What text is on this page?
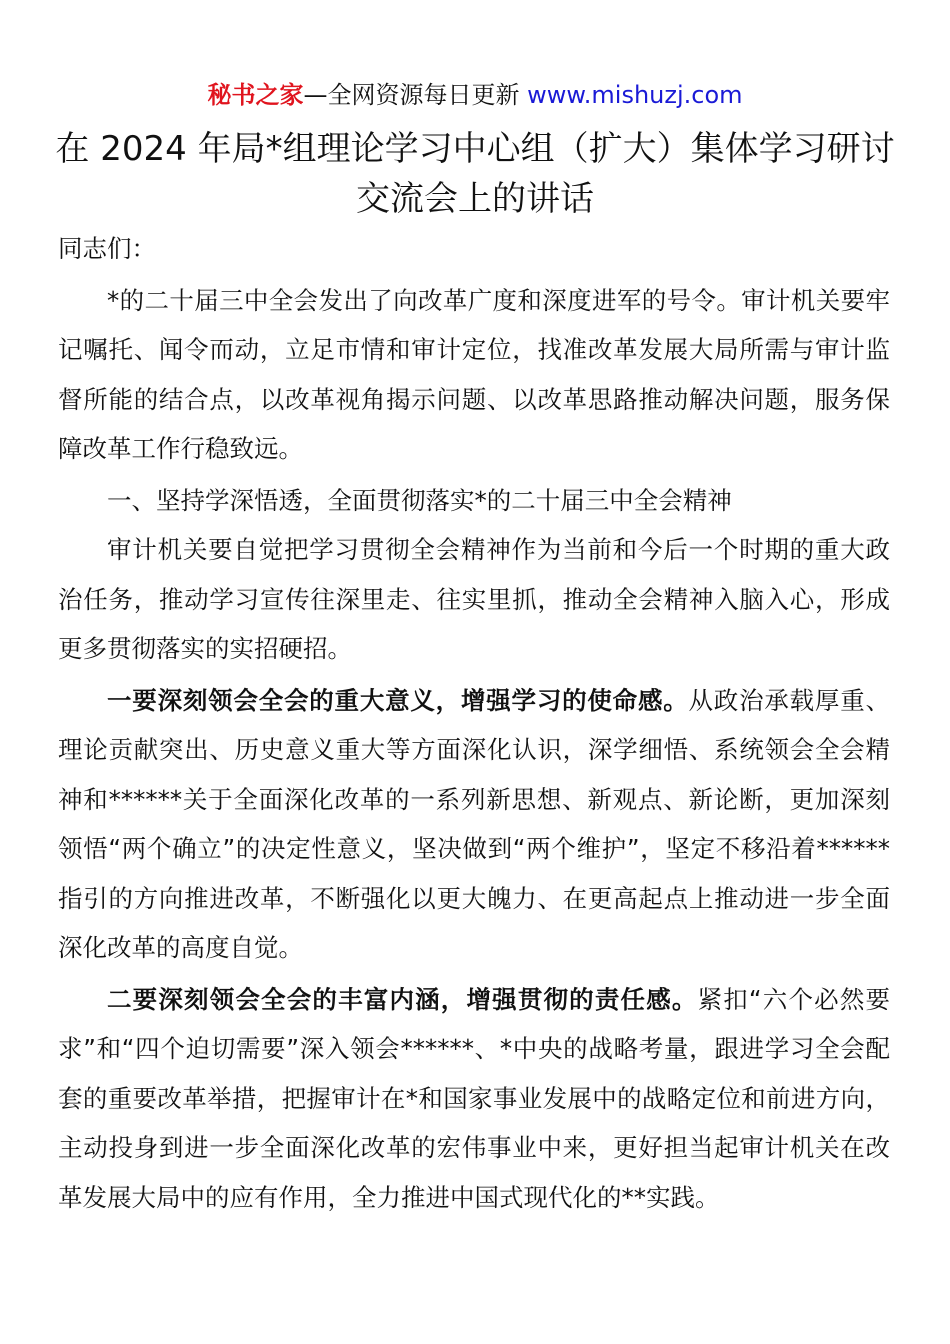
秘书之家—全网资源每日更新 www.mishuzj.com
在 2024 年局*组理论学习中心组（扩大）集体学习研讨交流会上的讲话

同志们：

*的二十届三中全会发出了向改革广度和深度进军的号令。审计机关要牢记嘱托、闻令而动，立足市情和审计定位，找准改革发展大局所需与审计监督所能的结合点，以改革视角揭示问题、以改革思路推动解决问题，服务保障改革工作行稳致远。

一、坚持学深悟透，全面贯彻落实*的二十届三中全会精神

审计机关要自觉把学习贯彻全会精神作为当前和今后一个时期的重大政治任务，推动学习宣传往深里走、往实里抓，推动全会精神入脑入心，形成更多贯彻落实的实招硬招。

一要深刻领会全会的重大意义，增强学习的使命感。从政治承载厚重、理论贡献突出、历史意义重大等方面深化认识，深学细悟、系统领会全会精神和******关于全面深化改革的一系列新思想、新观点、新论断，更加深刻领悟“两个确立”的决定性意义，坚决做到“两个维护”，坚定不移沿着******指引的方向推进改革，不断强化以更大魄力、在更高起点上推动进一步全面深化改革的高度自觉。

二要深刻领会全会的丰富内涵，增强贯彻的责任感。紧扣“六个必然要求”和“四个迫切需要”深入领会******、*中央的战略考量，跟进学习全会配套的重要改革举措，把握审计在*和国家事业发展中的战略定位和前进方向，主动投身到进一步全面深化改革的宏伟事业中来，更好担当起审计机关在改革发展大局中的应有作用，全力推进中国式现代化的**实践。
